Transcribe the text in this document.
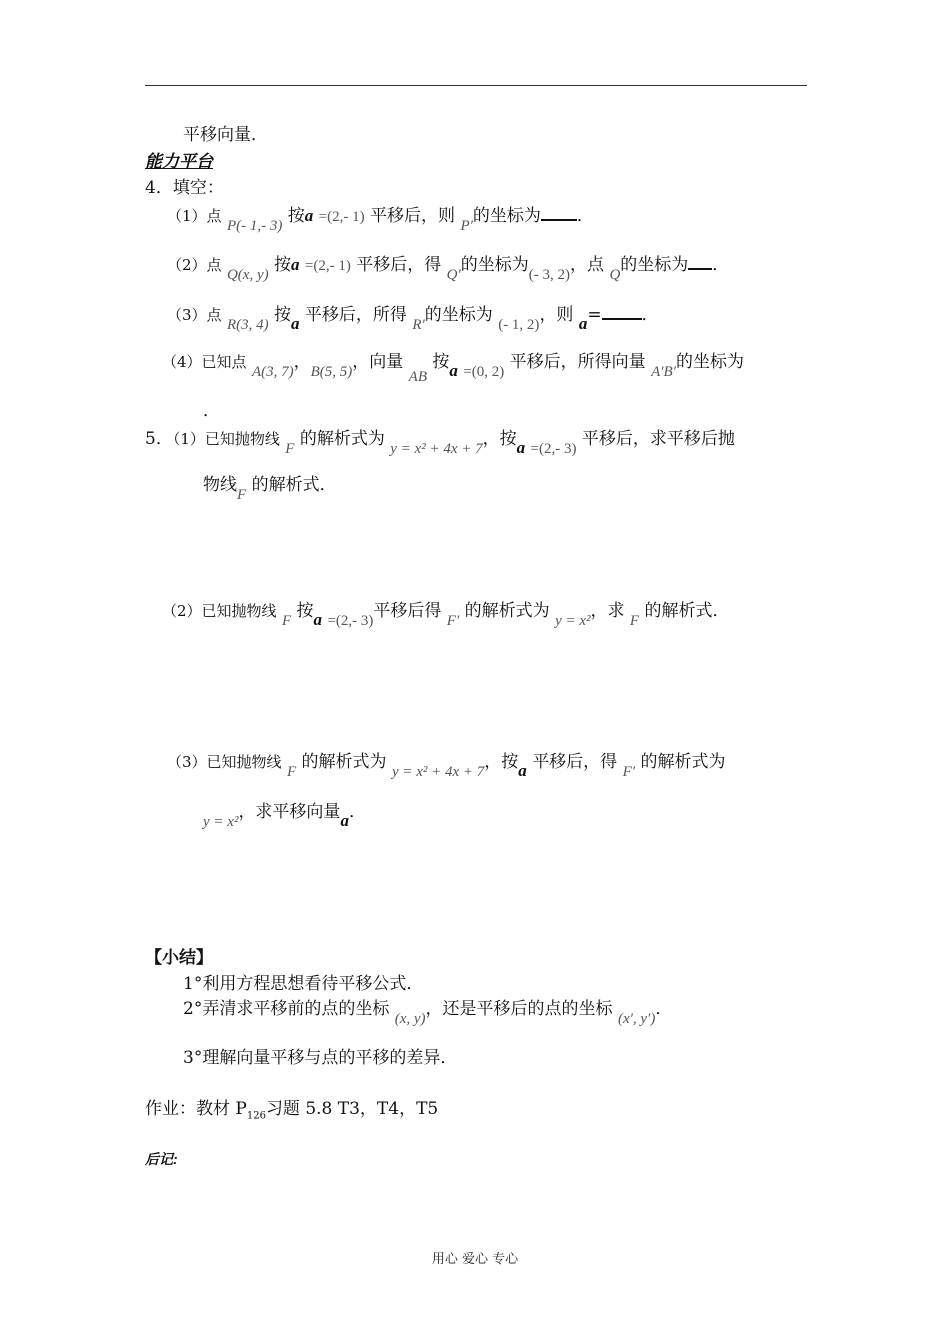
平移向量．
能力平台
4．填空：
（1）点 P(- 1,- 3) 按a =(2,- 1) 平移后，则 P′的坐标为 ．
（2）点 Q(x, y) 按a =(2,- 1) 平移后，得 Q′的坐标为(- 3, 2)，点 Q的坐标为 ．
（3）点 R(3, 4) 按a 平移后，所得 R′的坐标为 (- 1, 2)，则 a= ．
（4）已知点 A(3, 7)，B(5, 5)，向量 AB 按a =(0, 2) 平移后，所得向量 A′B′的坐标为
．
5．（1）已知抛物线 F 的解析式为 y = x² + 4x + 7，按a =(2,- 3) 平移后，求平移后抛
物线F 的解析式．
（2）已知抛物线 F 按a =(2,- 3)平移后得 F′ 的解析式为 y = x²，求 F 的解析式．
（3）已知抛物线 F 的解析式为 y = x² + 4x + 7，按a 平移后，得 F′ 的解析式为
y = x²，求平移向量a．
【小结】
1°利用方程思想看待平移公式．
2°弄清求平移前的点的坐标 (x, y)，还是平移后的点的坐标 (x′, y′)．
3°理解向量平移与点的平移的差异．
作业：教材 $P_{126}$习题 5.8 T3，T4，T5
后记:
用心 爱心 专心
